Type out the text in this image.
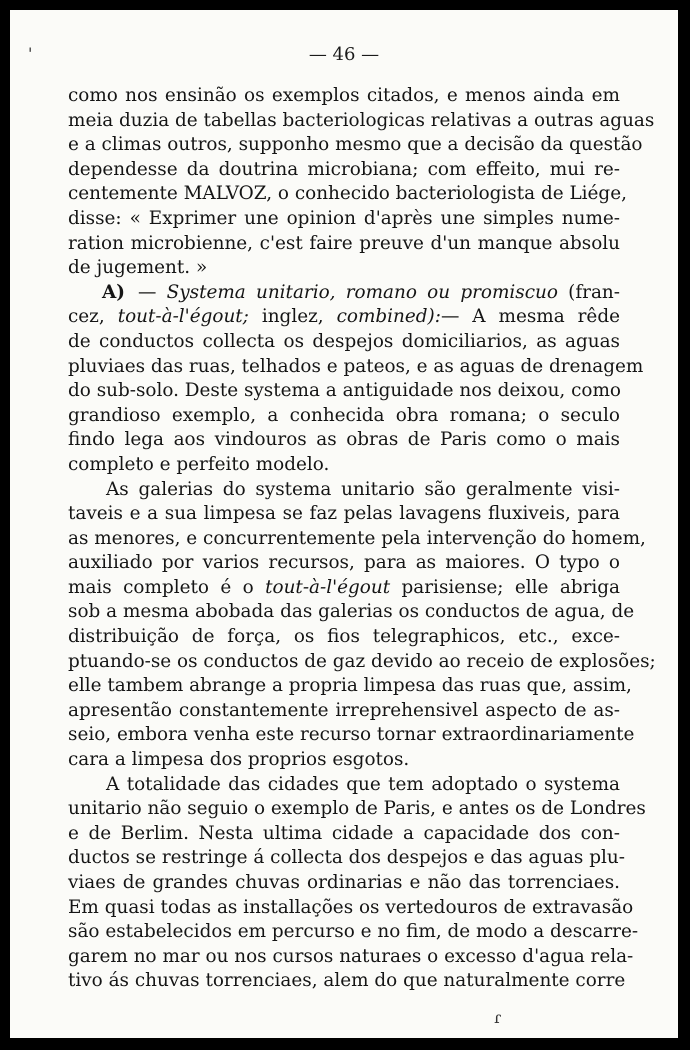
— 46 —
como nos ensinão os exemplos citados, e menos ainda em
meia duzia de tabellas bacteriologicas relativas a outras aguas
e a climas outros, supponho mesmo que a decisão da questão
dependesse da doutrina microbiana; com effeito, mui re-
centemente MALVOZ, o conhecido bacteriologista de Liége,
disse: « Exprimer une opinion d'après une simples nume-
ration microbienne, c'est faire preuve d'un manque absolu
de jugement. »
A) — Systema unitario, romano ou promiscuo (fran-
cez, tout-à-l'égout; inglez, combined):— A mesma rêde
de conductos collecta os despejos domiciliarios, as aguas
pluviaes das ruas, telhados e pateos, e as aguas de drenagem
do sub-solo. Deste systema a antiguidade nos deixou, como
grandioso exemplo, a conhecida obra romana; o seculo
findo lega aos vindouros as obras de Paris como o mais
completo e perfeito modelo.
As galerias do systema unitario são geralmente visi-
taveis e a sua limpesa se faz pelas lavagens fluxiveis, para
as menores, e concurrentemente pela intervenção do homem,
auxiliado por varios recursos, para as maiores. O typo o
mais completo é o tout-à-l'égout parisiense; elle abriga
sob a mesma abobada das galerias os conductos de agua, de
distribuição de força, os fios telegraphicos, etc., exce-
ptuando-se os conductos de gaz devido ao receio de explosões;
elle tambem abrange a propria limpesa das ruas que, assim,
apresentão constantemente irreprehensivel aspecto de as-
seio, embora venha este recurso tornar extraordinariamente
cara a limpesa dos proprios esgotos.
A totalidade das cidades que tem adoptado o systema
unitario não seguio o exemplo de Paris, e antes os de Londres
e de Berlim. Nesta ultima cidade a capacidade dos con-
ductos se restringe á collecta dos despejos e das aguas plu-
viaes de grandes chuvas ordinarias e não das torrenciaes.
Em quasi todas as installações os vertedouros de extravasão
são estabelecidos em percurso e no fim, de modo a descarre-
garem no mar ou nos cursos naturaes o excesso d'agua rela-
tivo ás chuvas torrenciaes, alem do que naturalmente corre
'
ɾ
